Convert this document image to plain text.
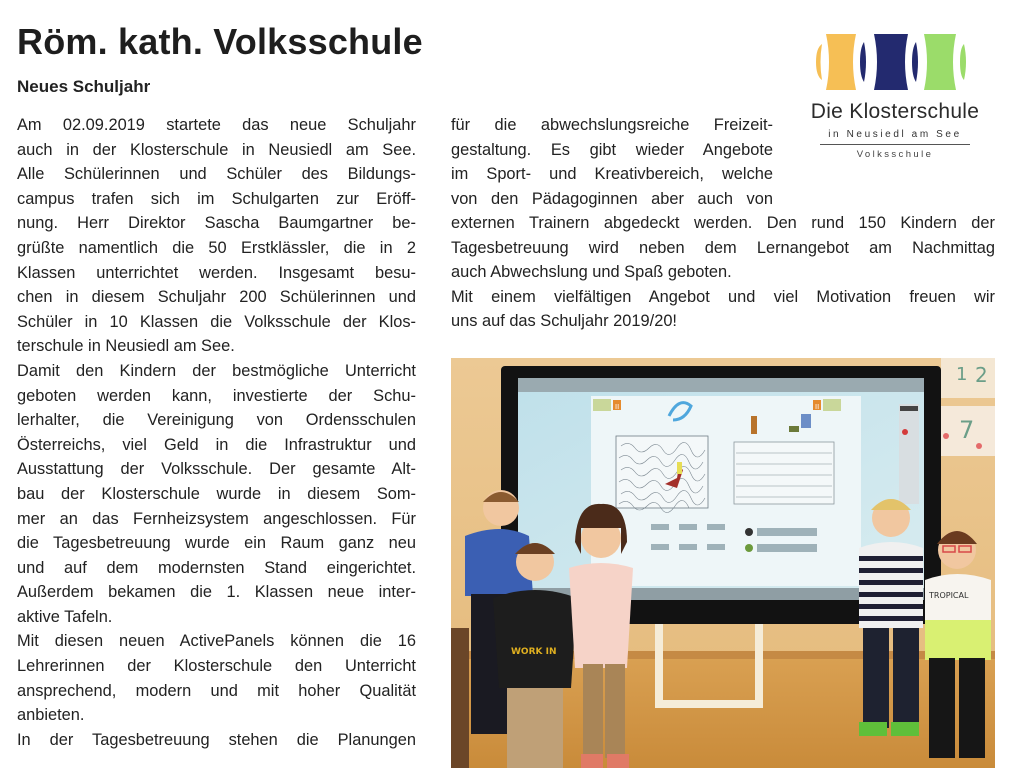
Röm. kath. Volksschule
Neues Schuljahr
Die Klosterschule
in Neusiedl am See
Volksschule
Am 02.09.2019 startete das neue Schuljahr
auch in der Klosterschule in Neusiedl am See.
Alle Schülerinnen und Schüler des Bildungs-
campus trafen sich im Schulgarten zur Eröff-
nung. Herr Direktor Sascha Baumgartner be-
grüßte namentlich die 50 Erstklässler, die in 2
Klassen unterrichtet werden. Insgesamt besu-
chen in diesem Schuljahr 200 Schülerinnen und
Schüler in 10 Klassen die Volksschule der Klos-
terschule in Neusiedl am See.
Damit den Kindern der bestmögliche Unterricht
geboten werden kann, investierte der Schu-
lerhalter, die Vereinigung von Ordensschulen
Österreichs, viel Geld in die Infrastruktur und
Ausstattung der Volksschule. Der gesamte Alt-
bau der Klosterschule wurde in diesem Som-
mer an das Fernheizsystem angeschlossen. Für
die Tagesbetreuung wurde ein Raum ganz neu
und auf dem modernsten Stand eingerichtet.
Außerdem bekamen die 1. Klassen neue inter-
aktive Tafeln.
Mit diesen neuen ActivePanels können die 16
Lehrerinnen der Klosterschule den Unterricht
ansprechend, modern und mit hoher Qualität
anbieten.
In der Tagesbetreuung stehen die Planungen
für die abwechslungsreiche Freizeit-
gestaltung. Es gibt wieder Angebote
im Sport- und Kreativbereich, welche
von den Pädagoginnen aber auch von
externen Trainern abgedeckt werden. Den rund 150 Kindern der
Tagesbetreuung wird neben dem Lernangebot am Nachmittag
auch Abwechslung und Spaß geboten.
Mit einem vielfältigen Angebot und viel Motivation freuen wir
uns auf das Schuljahr 2019/20!
1 2
7
II	II
WORK IN
TROPICAL
